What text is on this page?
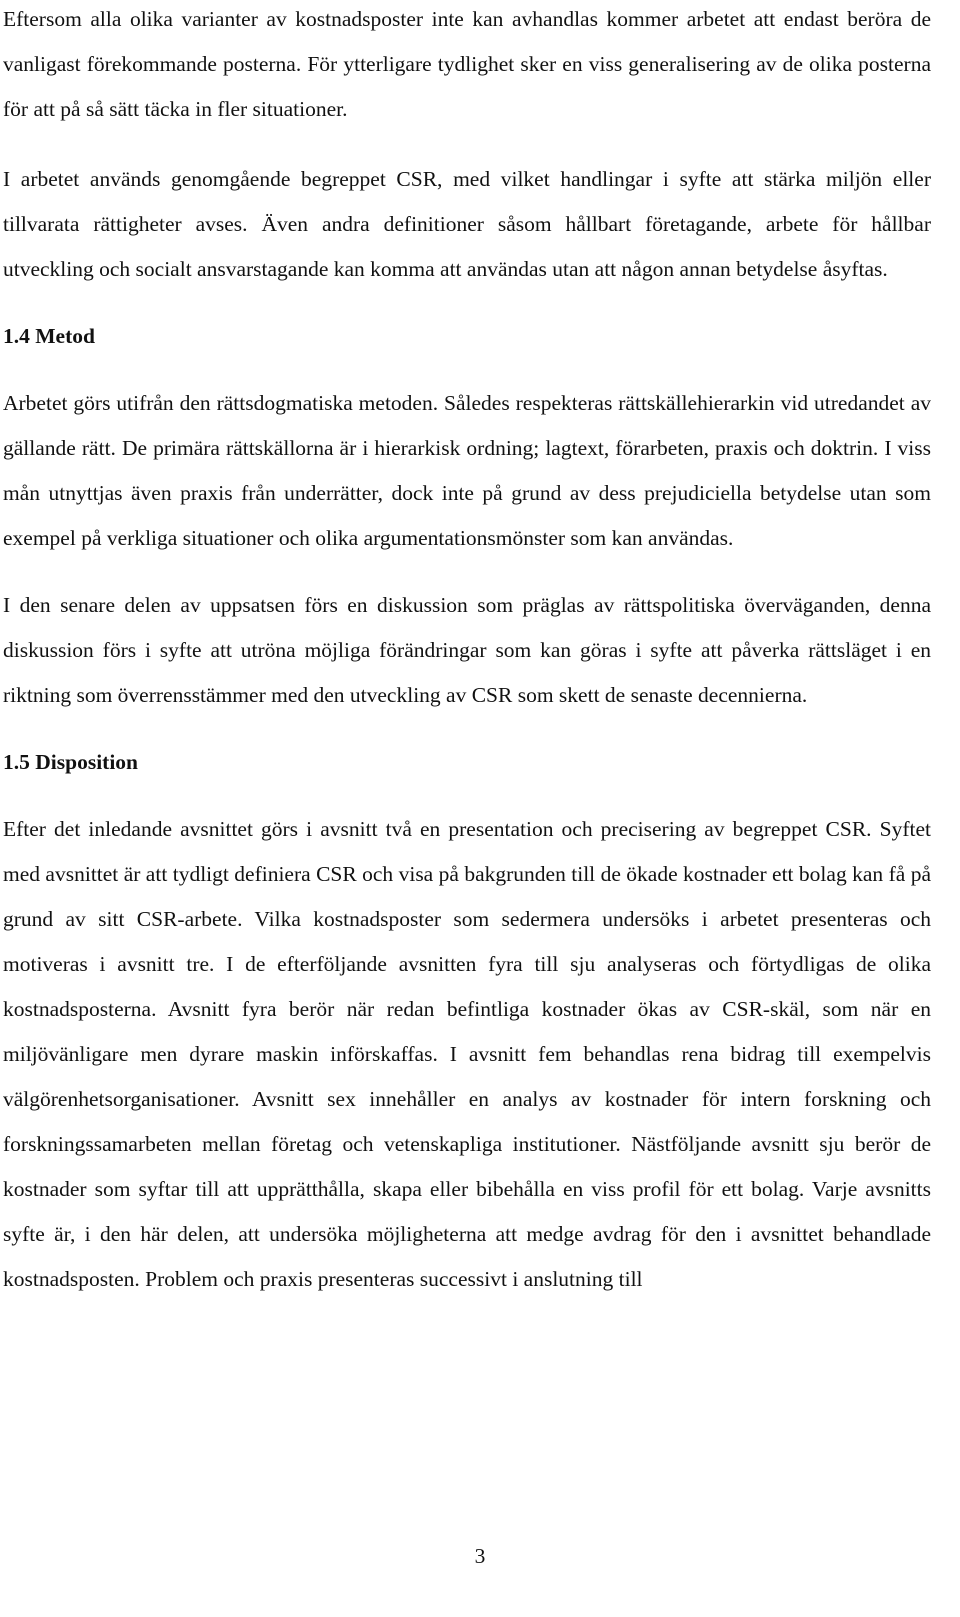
Eftersom alla olika varianter av kostnadsposter inte kan avhandlas kommer arbetet att endast beröra de vanligast förekommande posterna. För ytterligare tydlighet sker en viss generalisering av de olika posterna för att på så sätt täcka in fler situationer.

I arbetet används genomgående begreppet CSR, med vilket handlingar i syfte att stärka miljön eller tillvarata rättigheter avses. Även andra definitioner såsom hållbart företagande, arbete för hållbar utveckling och socialt ansvarstagande kan komma att användas utan att någon annan betydelse åsyftas.

1.4 Metod

Arbetet görs utifrån den rättsdogmatiska metoden. Således respekteras rättskällehierarkin vid utredandet av gällande rätt. De primära rättskällorna är i hierarkisk ordning; lagtext, förarbeten, praxis och doktrin. I viss mån utnyttjas även praxis från underrätter, dock inte på grund av dess prejudiciella betydelse utan som exempel på verkliga situationer och olika argumentationsmönster som kan användas.

I den senare delen av uppsatsen förs en diskussion som präglas av rättspolitiska överväganden, denna diskussion förs i syfte att utröna möjliga förändringar som kan göras i syfte att påverka rättsläget i en riktning som överrensstämmer med den utveckling av CSR som skett de senaste decennierna.

1.5 Disposition

Efter det inledande avsnittet görs i avsnitt två en presentation och precisering av begreppet CSR. Syftet med avsnittet är att tydligt definiera CSR och visa på bakgrunden till de ökade kostnader ett bolag kan få på grund av sitt CSR-arbete. Vilka kostnadsposter som sedermera undersöks i arbetet presenteras och motiveras i avsnitt tre. I de efterföljande avsnitten fyra till sju analyseras och förtydligas de olika kostnadsposterna. Avsnitt fyra berör när redan befintliga kostnader ökas av CSR-skäl, som när en miljövänligare men dyrare maskin införskaffas. I avsnitt fem behandlas rena bidrag till exempelvis välgörenhetsorganisationer. Avsnitt sex innehåller en analys av kostnader för intern forskning och forskningssamarbeten mellan företag och vetenskapliga institutioner. Nästföljande avsnitt sju berör de kostnader som syftar till att upprätthålla, skapa eller bibehålla en viss profil för ett bolag. Varje avsnitts syfte är, i den här delen, att undersöka möjligheterna att medge avdrag för den i avsnittet behandlade kostnadsposten. Problem och praxis presenteras successivt i anslutning till

3
